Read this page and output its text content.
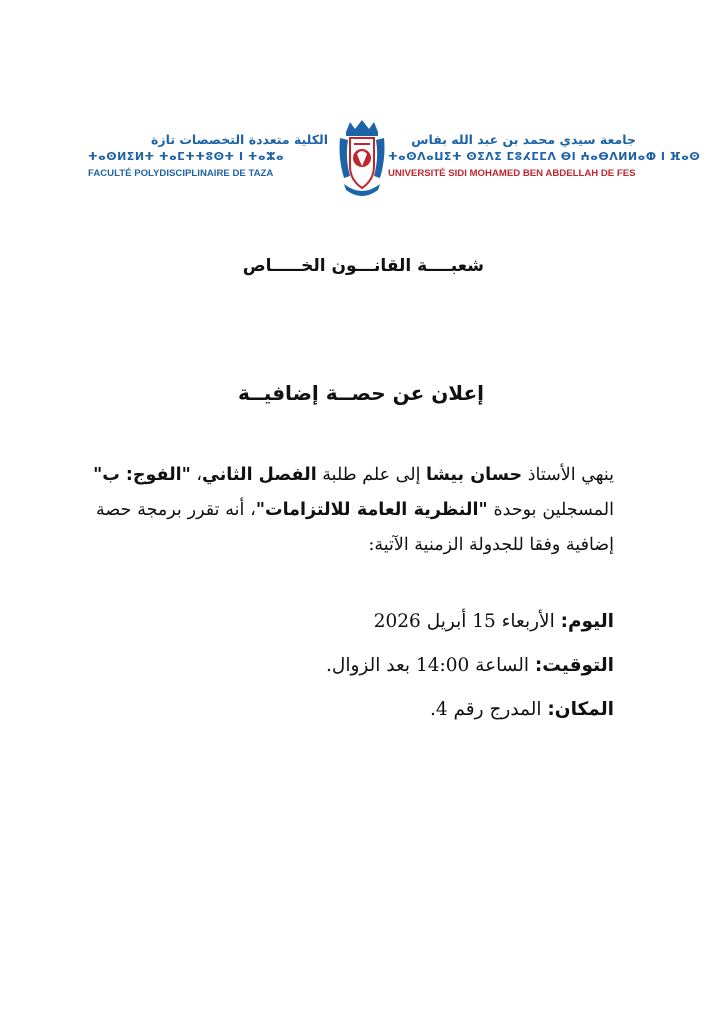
الكلية متعددة التخصصات تازة
ⵜⴰⵙⵍⵉⵍⵜ ⵜⴰⵎⵜⵜⵓⵙⵜ ⵏ ⵜⴰⵣⴰ
FACULTÉ POLYDISCIPLINAIRE DE TAZA
جامعة سيدي محمد بن عبد الله بفاس
ⵜⴰⵙⴷⴰⵡⵉⵜ ⵙⵉⴷⵉ ⵎⵓⵃⵎⵎⴷ ⴱⵏ ⵄⴰⴱⴷⵍⵍⴰⵀ ⵏ ⴼⴰⵙ
UNIVERSITÉ SIDI MOHAMED BEN ABDELLAH DE FES
شعبــــة القانـــون الخـــــاص
إعلان عن حصــة إضافيــة
ينهي الأستاذ حسان بيشا إلى علم طلبة الفصل الثاني، "الفوج: ب"
المسجلين بوحدة "النظرية العامة للالتزامات"، أنه تقرر برمجة حصة
إضافية وفقا للجدولة الزمنية الآتية:
اليوم: الأربعاء 15 أبريل 2026
التوقيت: الساعة 14:00 بعد الزوال.
المكان: المدرج رقم 4.
